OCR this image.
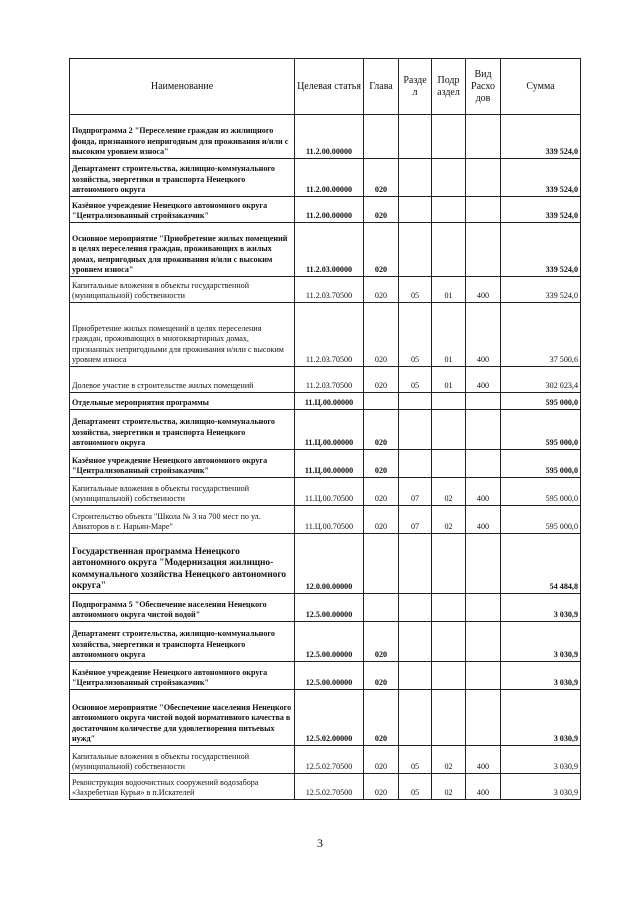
Наименование	Целевая статья	Глава	Разде л	Подр аздел	Вид Расхо дов	Сумма
Подпрограмма 2 "Переселение граждан из жилищного фонда, признанного непригодным для проживания и/или с высоким уровнем износа"	11.2.00.00000					339 524,0
Департамент строительства, жилищно-коммунального хозяйства, энергетики и транспорта Ненецкого автономного округа	11.2.00.00000	020				339 524,0
Казённое учреждение Ненецкого автономного округа "Централизованный стройзаказчик"	11.2.00.00000	020				339 524,0
Основное мероприятие "Приобретение жилых помещений в целях переселения граждан, проживающих в жилых домах, непригодных для проживания и/или с высоким уровнем износа"	11.2.03.00000	020				339 524,0
Капитальные вложения в объекты государственной (муниципальной) собственности	11.2.03.70500	020	05	01	400	339 524,0
Приобретение жилых помещений в целях переселения граждан, проживающих в многоквартирных домах, признанных непригодными для проживания и/или с высоким уровнем износа	11.2.03.70500	020	05	01	400	37 500,6
Долевое участие в строительстве жилых помещений	11.2.03.70500	020	05	01	400	302 023,4
Отдельные мероприятия программы	11.Ц.00.00000					595 000,0
Департамент строительства, жилищно-коммунального хозяйства, энергетики и транспорта Ненецкого автономного округа	11.Ц.00.00000	020				595 000,0
Казённое учреждение Ненецкого автономного округа "Централизованный стройзаказчик"	11.Ц.00.00000	020				595 000,0
Капитальные вложения в объекты государственной (муниципальной) собственности	11.Ц.00.70500	020	07	02	400	595 000,0
Строительство объекта "Школа № 3 на 700 мест по ул. Авиаторов в г. Нарьян-Маре"	11.Ц.00.70500	020	07	02	400	595 000,0
Государственная программа Ненецкого автономного округа "Модернизация жилищно-коммунального хозяйства Ненецкого автономного округа"	12.0.00.00000					54 484,8
Подпрограмма 5 "Обеспечение населения Ненецкого автономного округа чистой водой"	12.5.00.00000					3 030,9
Департамент строительства, жилищно-коммунального хозяйства, энергетики и транспорта Ненецкого автономного округа	12.5.00.00000	020				3 030,9
Казённое учреждение Ненецкого автономного округа "Централизованный стройзаказчик"	12.5.00.00000	020				3 030,9
Основное мероприятие "Обеспечение населения Ненецкого автономного округа чистой водой нормативного качества в достаточном количестве для удовлетворения питьевых нужд"	12.5.02.00000	020				3 030,9
Капитальные вложения в объекты государственной (муниципальной) собственности	12.5.02.70500	020	05	02	400	3 030,9
Реконструкция водоочистных сооружений водозабора «Захребетная Курья» в п.Искателей	12.5.02.70500	020	05	02	400	3 030,9
3
